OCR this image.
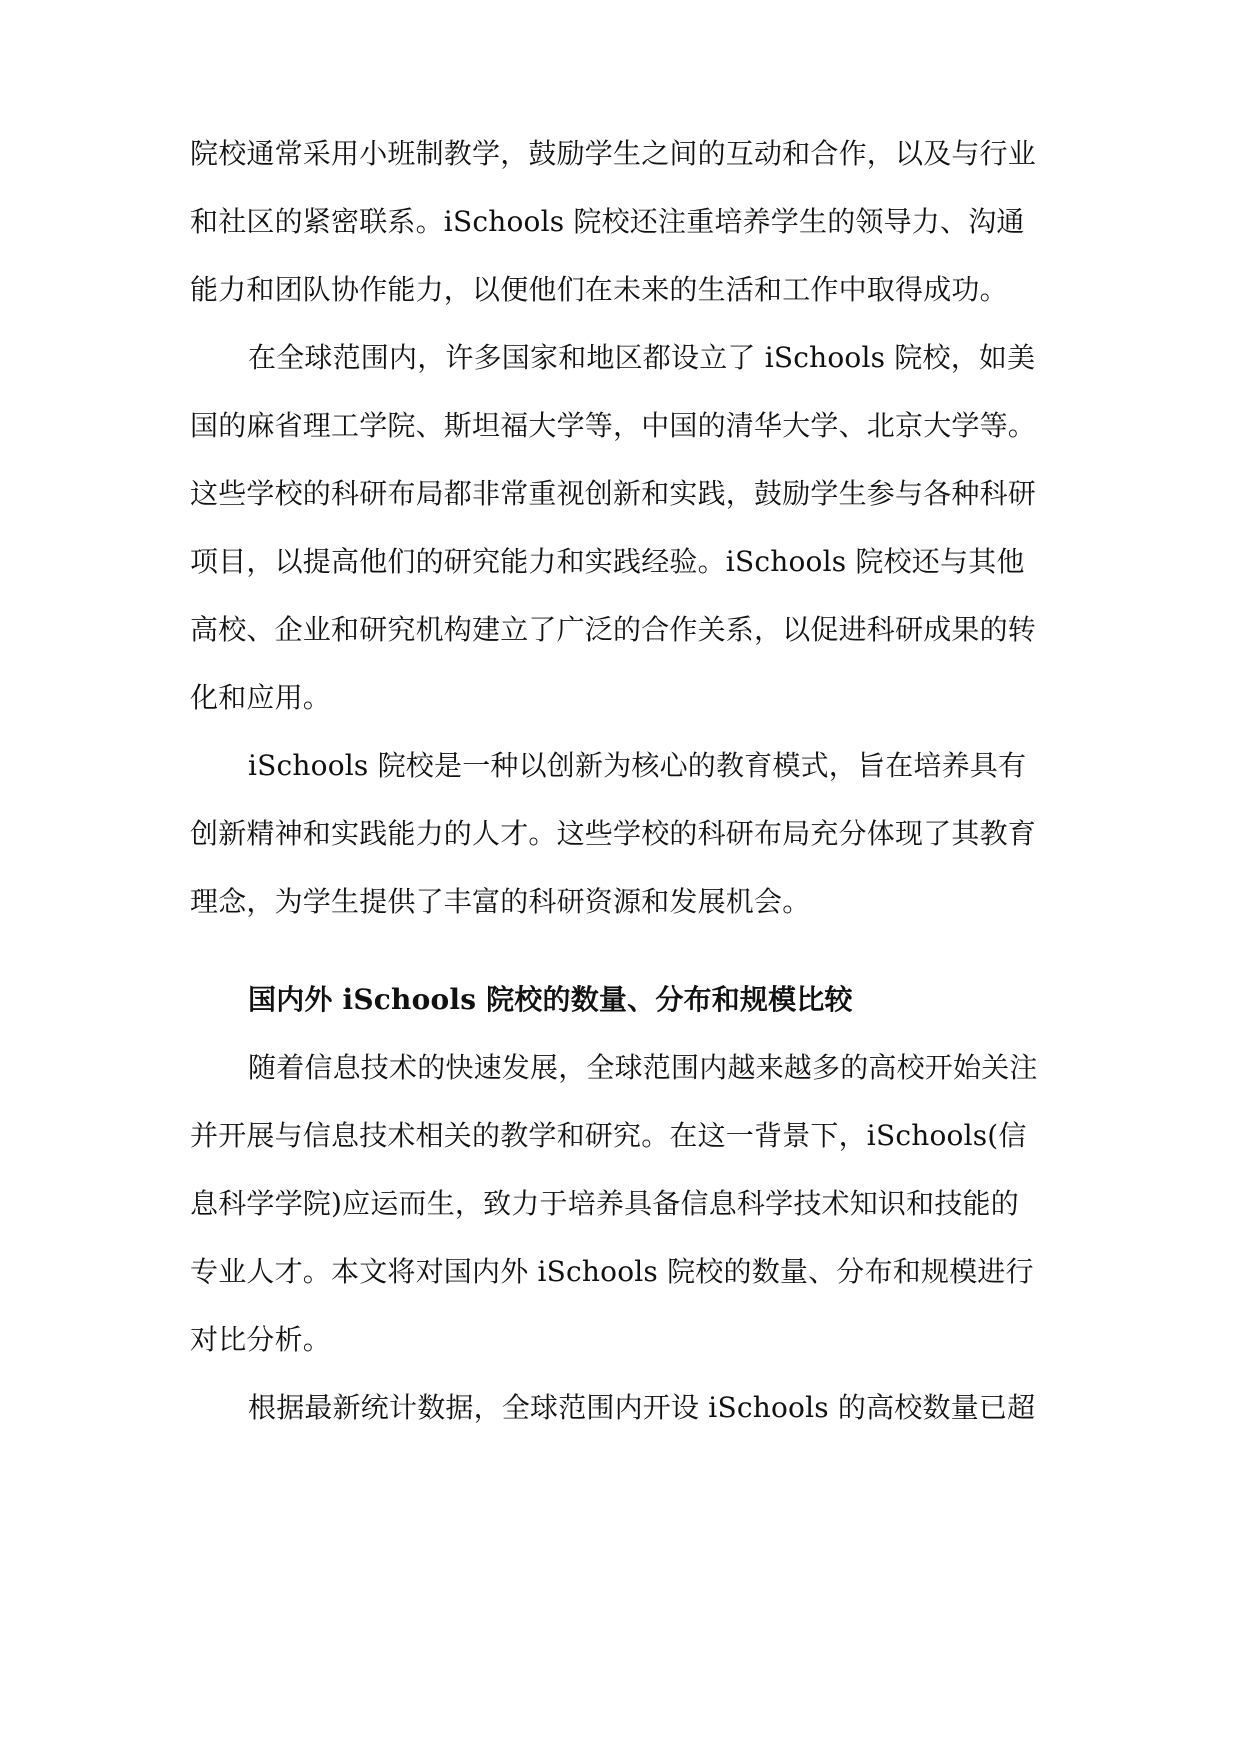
院校通常采用小班制教学，鼓励学生之间的互动和合作，以及与行业
和社区的紧密联系。iSchools 院校还注重培养学生的领导力、沟通
能力和团队协作能力，以便他们在未来的生活和工作中取得成功。
在全球范围内，许多国家和地区都设立了 iSchools 院校，如美
国的麻省理工学院、斯坦福大学等，中国的清华大学、北京大学等。
这些学校的科研布局都非常重视创新和实践，鼓励学生参与各种科研
项目，以提高他们的研究能力和实践经验。iSchools 院校还与其他
高校、企业和研究机构建立了广泛的合作关系，以促进科研成果的转
化和应用。
iSchools 院校是一种以创新为核心的教育模式，旨在培养具有
创新精神和实践能力的人才。这些学校的科研布局充分体现了其教育
理念，为学生提供了丰富的科研资源和发展机会。
国内外 iSchools 院校的数量、分布和规模比较
随着信息技术的快速发展，全球范围内越来越多的高校开始关注
并开展与信息技术相关的教学和研究。在这一背景下，iSchools(信
息科学学院)应运而生，致力于培养具备信息科学技术知识和技能的
专业人才。本文将对国内外 iSchools 院校的数量、分布和规模进行
对比分析。
根据最新统计数据，全球范围内开设 iSchools 的高校数量已超
